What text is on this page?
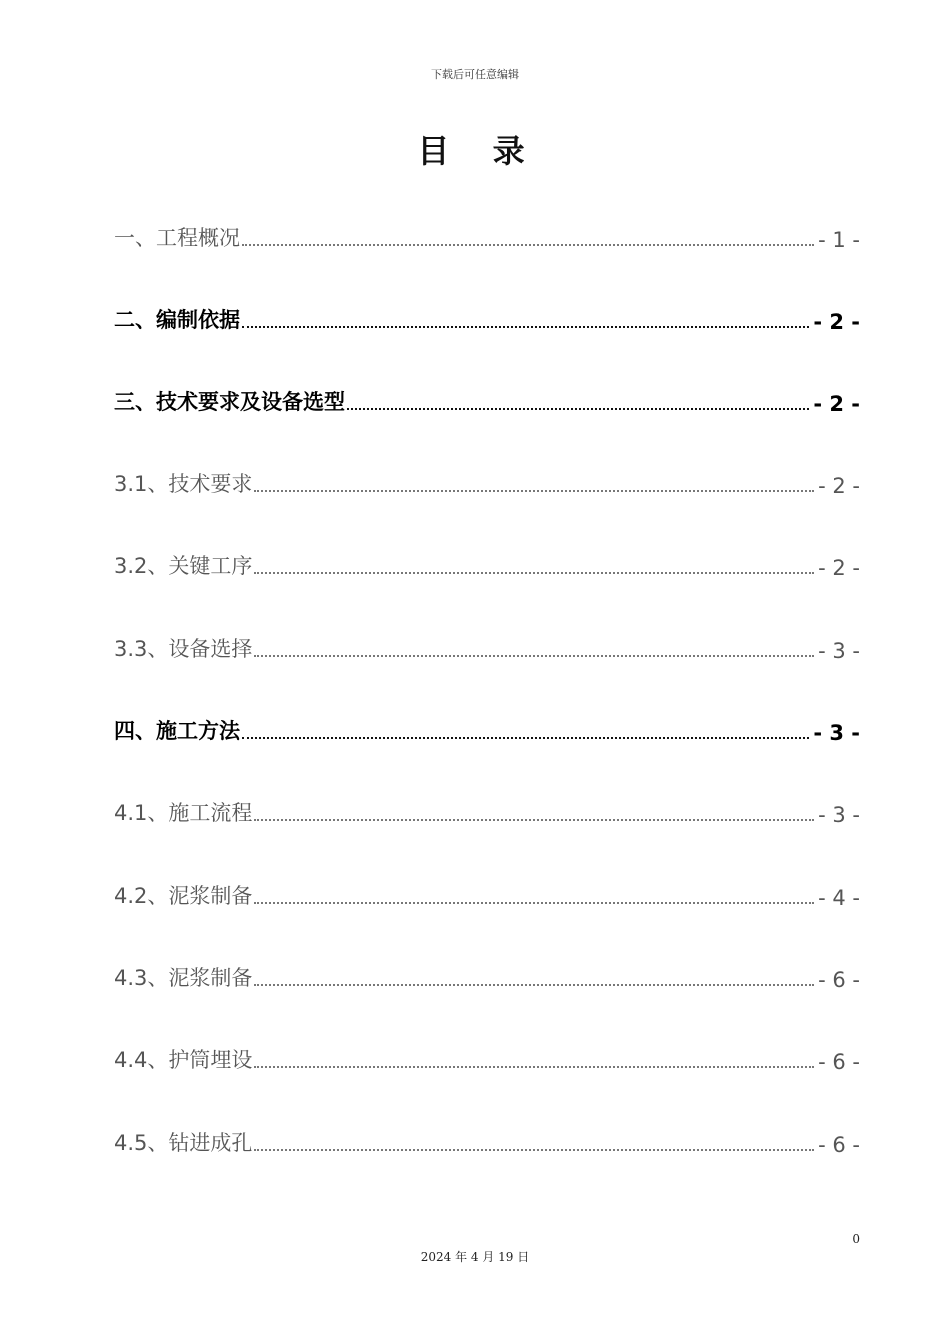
下载后可任意编辑
目 录
一、工程概况	- 1 -
二、编制依据	- 2 -
三、技术要求及设备选型	- 2 -
3.1、技术要求	- 2 -
3.2、关键工序	- 2 -
3.3、设备选择	- 3 -
四、施工方法	- 3 -
4.1、施工流程	- 3 -
4.2、泥浆制备	- 4 -
4.3、泥浆制备	- 6 -
4.4、护筒埋设	- 6 -
4.5、钻进成孔	- 6 -
0
2024 年 4 月 19 日
